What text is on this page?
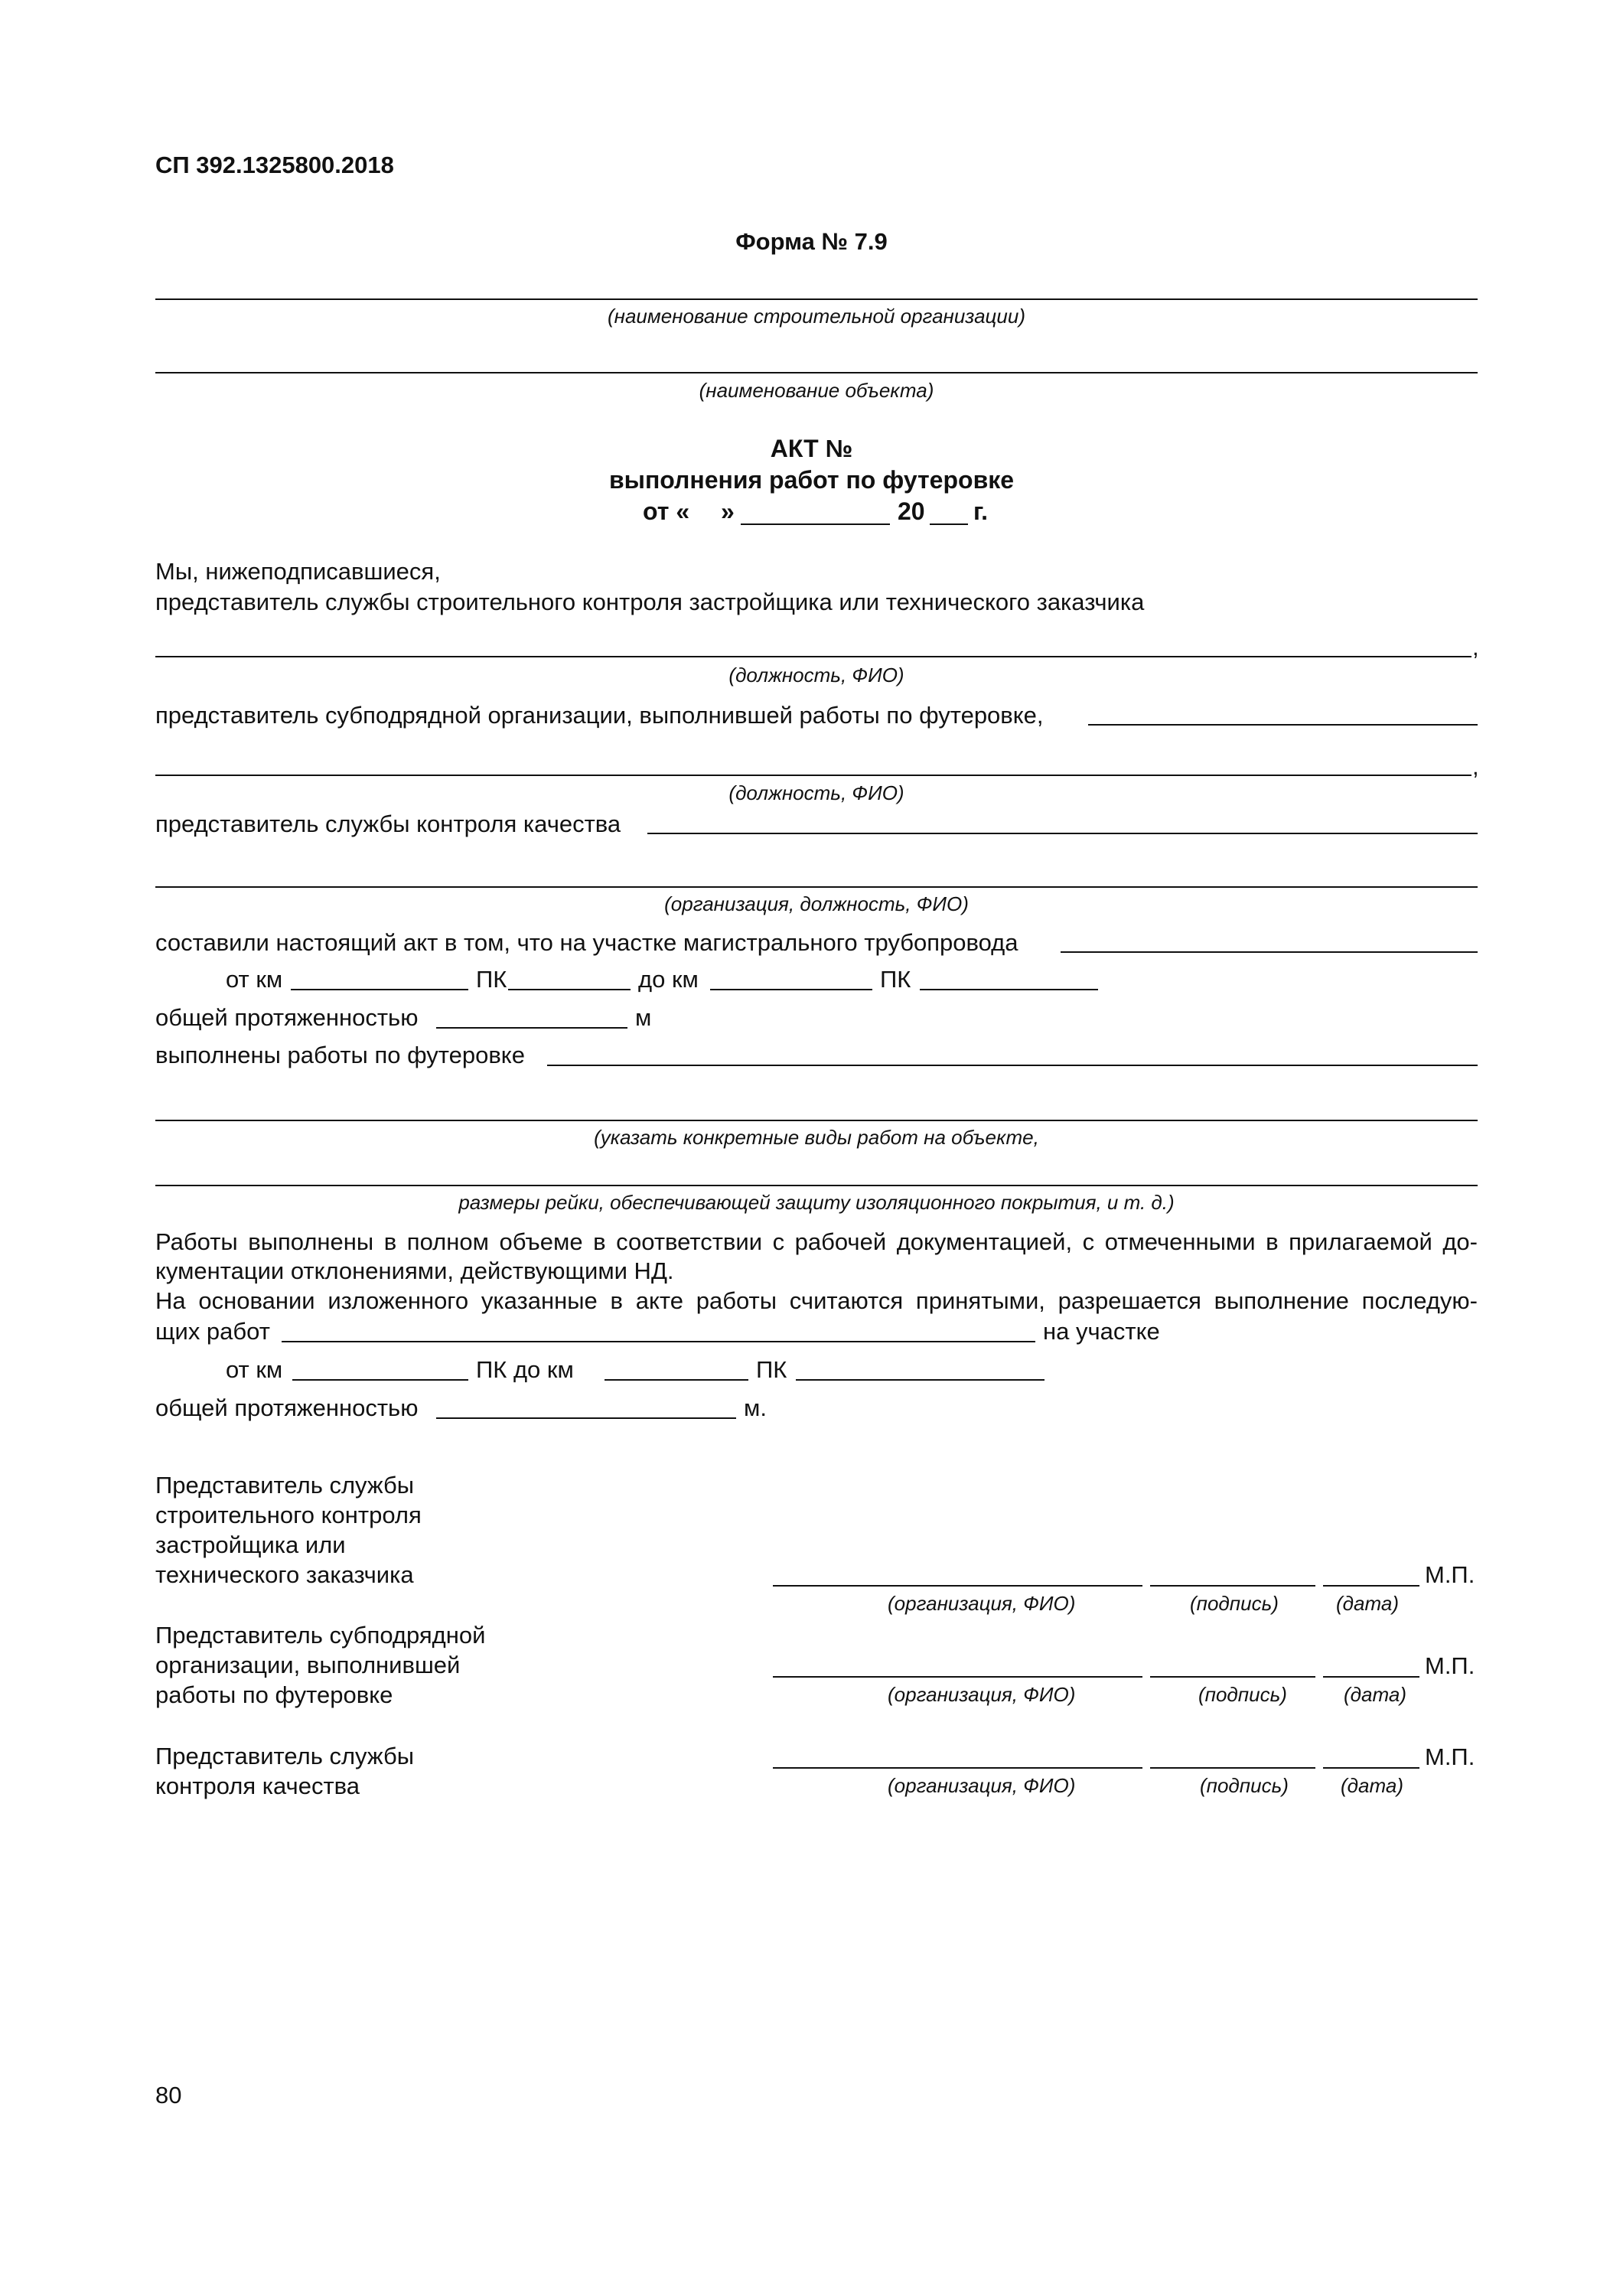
СП 392.1325800.2018
Форма № 7.9
(наименование строительной организации)
(наименование объекта)
АКТ №
выполнения работ по футеровке
от « »	20 г.
Мы, нижеподписавшиеся,
представитель службы строительного контроля застройщика или технического заказчика
,
(должность, ФИО)
представитель субподрядной организации, выполнившей работы по футеровке,
,
(должность, ФИО)
представитель службы контроля качества
(организация, должность, ФИО)
составили настоящий акт в том, что на участке магистрального трубопровода
от км	ПК	до км	ПК
общей протяженностью	м
выполнены работы по футеровке
(указать конкретные виды работ на объекте,
размеры рейки, обеспечивающей защиту изоляционного покрытия, и т. д.)
Работы выполнены в полном объеме в соответствии с рабочей документацией, с отмеченными в прилагаемой до-
кументации отклонениями, действующими НД.
На основании изложенного указанные в акте работы считаются принятыми, разрешается выполнение последую-
щих работ	на участке
от км	ПК до км	ПК
общей протяженностью	м.
Представитель службы
строительного контроля
застройщика или
технического заказчика	М.П.
(организация, ФИО)	(подпись)	(дата)
Представитель субподрядной
организации, выполнившей
работы по футеровке
М.П.
(организация, ФИО)	(подпись)	(дата)
Представитель службы
контроля качества
М.П.
(организация, ФИО)	(подпись)	(дата)
80
